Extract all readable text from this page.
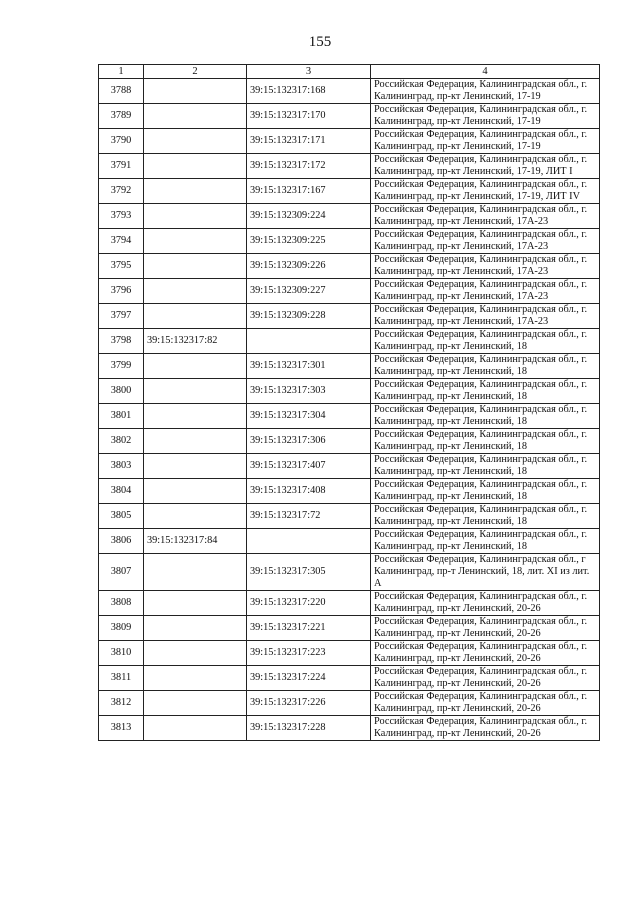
155
1	2	3	4
3788		39:15:132317:168	Российская Федерация, Калининградская обл., г. Калининград, пр-кт Ленинский, 17-19
3789		39:15:132317:170	Российская Федерация, Калининградская обл., г. Калининград, пр-кт Ленинский, 17-19
3790		39:15:132317:171	Российская Федерация, Калининградская обл., г. Калининград, пр-кт Ленинский, 17-19
3791		39:15:132317:172	Российская Федерация, Калининградская обл., г. Калининград, пр-кт Ленинский, 17-19, ЛИТ I
3792		39:15:132317:167	Российская Федерация, Калининградская обл., г. Калининград, пр-кт Ленинский, 17-19, ЛИТ IV
3793		39:15:132309:224	Российская Федерация, Калининградская обл., г. Калининград, пр-кт Ленинский, 17А-23
3794		39:15:132309:225	Российская Федерация, Калининградская обл., г. Калининград, пр-кт Ленинский, 17А-23
3795		39:15:132309:226	Российская Федерация, Калининградская обл., г. Калининград, пр-кт Ленинский, 17А-23
3796		39:15:132309:227	Российская Федерация, Калининградская обл., г. Калининград, пр-кт Ленинский, 17А-23
3797		39:15:132309:228	Российская Федерация, Калининградская обл., г. Калининград, пр-кт Ленинский, 17А-23
3798	39:15:132317:82		Российская Федерация, Калининградская обл., г. Калининград, пр-кт Ленинский, 18
3799		39:15:132317:301	Российская Федерация, Калининградская обл., г. Калининград, пр-кт Ленинский, 18
3800		39:15:132317:303	Российская Федерация, Калининградская обл., г. Калининград, пр-кт Ленинский, 18
3801		39:15:132317:304	Российская Федерация, Калининградская обл., г. Калининград, пр-кт Ленинский, 18
3802		39:15:132317:306	Российская Федерация, Калининградская обл., г. Калининград, пр-кт Ленинский, 18
3803		39:15:132317:407	Российская Федерация, Калининградская обл., г. Калининград, пр-кт Ленинский, 18
3804		39:15:132317:408	Российская Федерация, Калининградская обл., г. Калининград, пр-кт Ленинский, 18
3805		39:15:132317:72	Российская Федерация, Калининградская обл., г. Калининград, пр-кт Ленинский, 18
3806	39:15:132317:84		Российская Федерация, Калининградская обл., г. Калининград, пр-кт Ленинский, 18
3807		39:15:132317:305	Российская Федерация, Калининградская обл., г Калининград, пр-т Ленинский, 18, лит. XI из лит. А
3808		39:15:132317:220	Российская Федерация, Калининградская обл., г. Калининград, пр-кт Ленинский, 20-26
3809		39:15:132317:221	Российская Федерация, Калининградская обл., г. Калининград, пр-кт Ленинский, 20-26
3810		39:15:132317:223	Российская Федерация, Калининградская обл., г. Калининград, пр-кт Ленинский, 20-26
3811		39:15:132317:224	Российская Федерация, Калининградская обл., г. Калининград, пр-кт Ленинский, 20-26
3812		39:15:132317:226	Российская Федерация, Калининградская обл., г. Калининград, пр-кт Ленинский, 20-26
3813		39:15:132317:228	Российская Федерация, Калининградская обл., г. Калининград, пр-кт Ленинский, 20-26
